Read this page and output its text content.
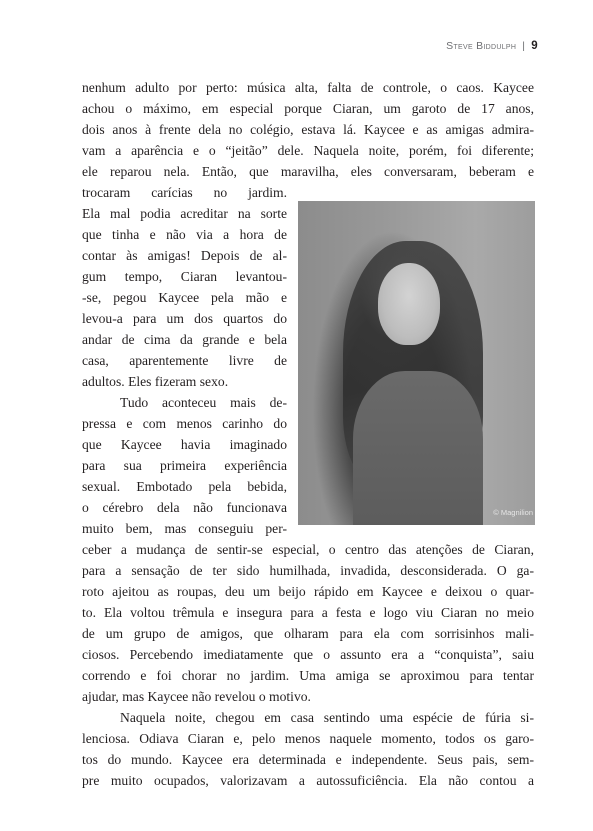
Steve Biddulph | 9
© Magnilion
nenhum adulto por perto: música alta, falta de controle, o caos. Kaycee
achou o máximo, em especial porque Ciaran, um garoto de 17 anos,
dois anos à frente dela no colégio, estava lá. Kaycee e as amigas admira-
vam a aparência e o “jeitão” dele. Naquela noite, porém, foi diferente;
ele reparou nela. Então, que maravilha, eles conversaram, beberam e
trocaram carícias no jardim.
Ela mal podia acreditar na sorte
que tinha e não via a hora de
contar às amigas! Depois de al-
gum tempo, Ciaran levantou-
-se, pegou Kaycee pela mão e
levou-a para um dos quartos do
andar de cima da grande e bela
casa, aparentemente livre de
adultos. Eles fizeram sexo.
Tudo aconteceu mais de-
pressa e com menos carinho do
que Kaycee havia imaginado
para sua primeira experiência
sexual. Embotado pela bebida,
o cérebro dela não funcionava
muito bem, mas conseguiu per-
ceber a mudança de sentir-se especial, o centro das atenções de Ciaran,
para a sensação de ter sido humilhada, invadida, desconsiderada. O ga-
roto ajeitou as roupas, deu um beijo rápido em Kaycee e deixou o quar-
to. Ela voltou trêmula e insegura para a festa e logo viu Ciaran no meio
de um grupo de amigos, que olharam para ela com sorrisinhos mali-
ciosos. Percebendo imediatamente que o assunto era a “conquista”, saiu
correndo e foi chorar no jardim. Uma amiga se aproximou para tentar
ajudar, mas Kaycee não revelou o motivo.
Naquela noite, chegou em casa sentindo uma espécie de fúria si-
lenciosa. Odiava Ciaran e, pelo menos naquele momento, todos os garo-
tos do mundo. Kaycee era determinada e independente. Seus pais, sem-
pre muito ocupados, valorizavam a autossuficiência. Ela não contou a
